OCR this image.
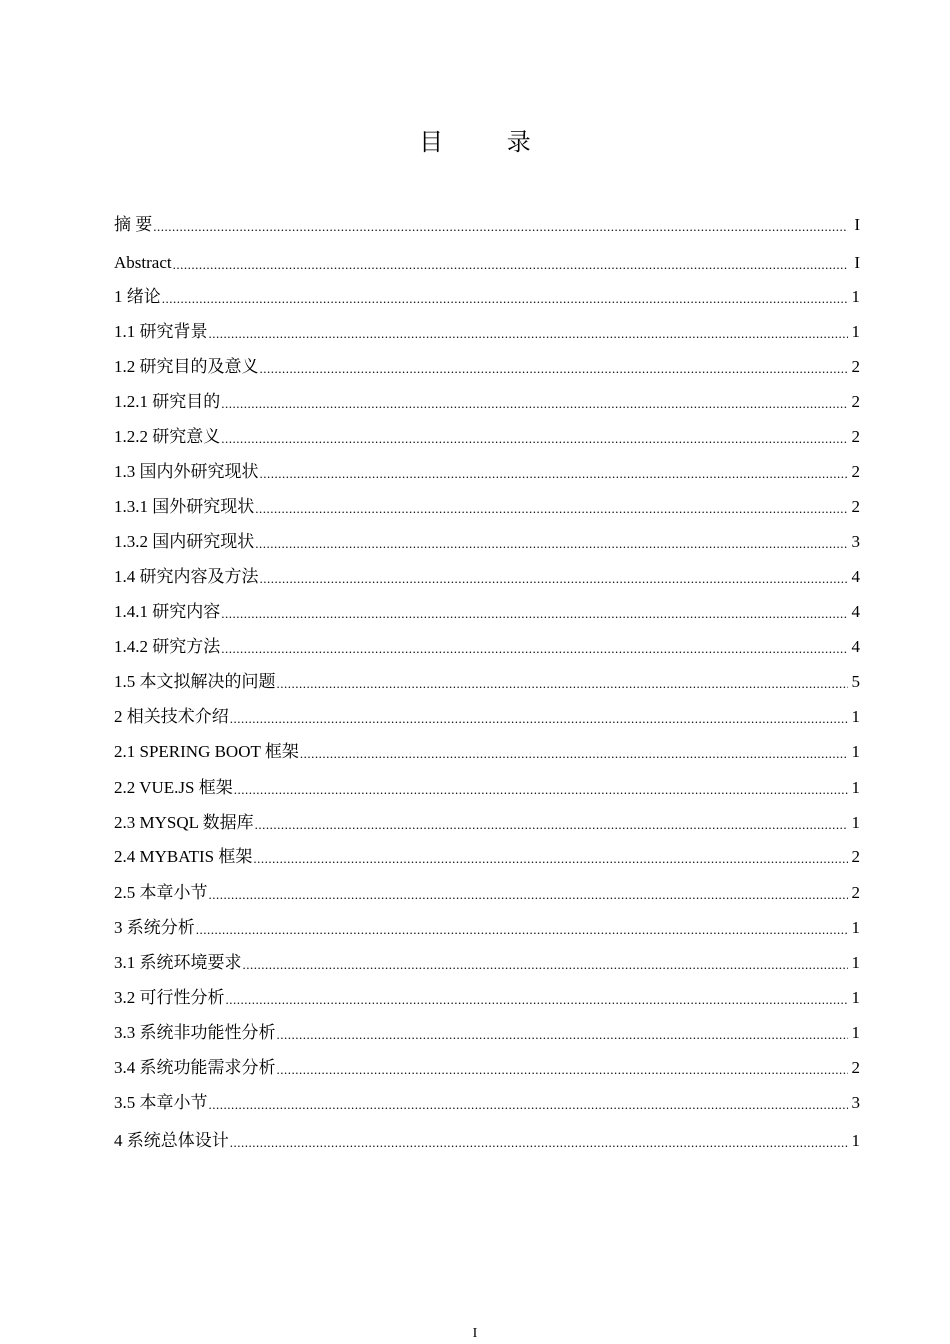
目 录
摘 要 .....	I
Abstract .....	I
1 绪论 .....	1
1.1 研究背景 .....	1
1.2 研究目的及意义 .....	2
1.2.1 研究目的 .....	2
1.2.2 研究意义 .....	2
1.3 国内外研究现状 .....	2
1.3.1 国外研究现状 .....	2
1.3.2 国内研究现状 .....	3
1.4 研究内容及方法 .....	4
1.4.1 研究内容 .....	4
1.4.2 研究方法 .....	4
1.5 本文拟解决的问题 .....	5
2 相关技术介绍 .....	1
2.1 SPERING BOOT 框架 .....	1
2.2 VUE.JS 框架 .....	1
2.3 MYSQL 数据库 .....	1
2.4 MYBATIS 框架 .....	2
2.5 本章小节 .....	2
3 系统分析 .....	1
3.1 系统环境要求 .....	1
3.2 可行性分析 .....	1
3.3 系统非功能性分析 .....	1
3.4 系统功能需求分析 .....	2
3.5 本章小节 .....	3
4 系统总体设计 .....	1
I
